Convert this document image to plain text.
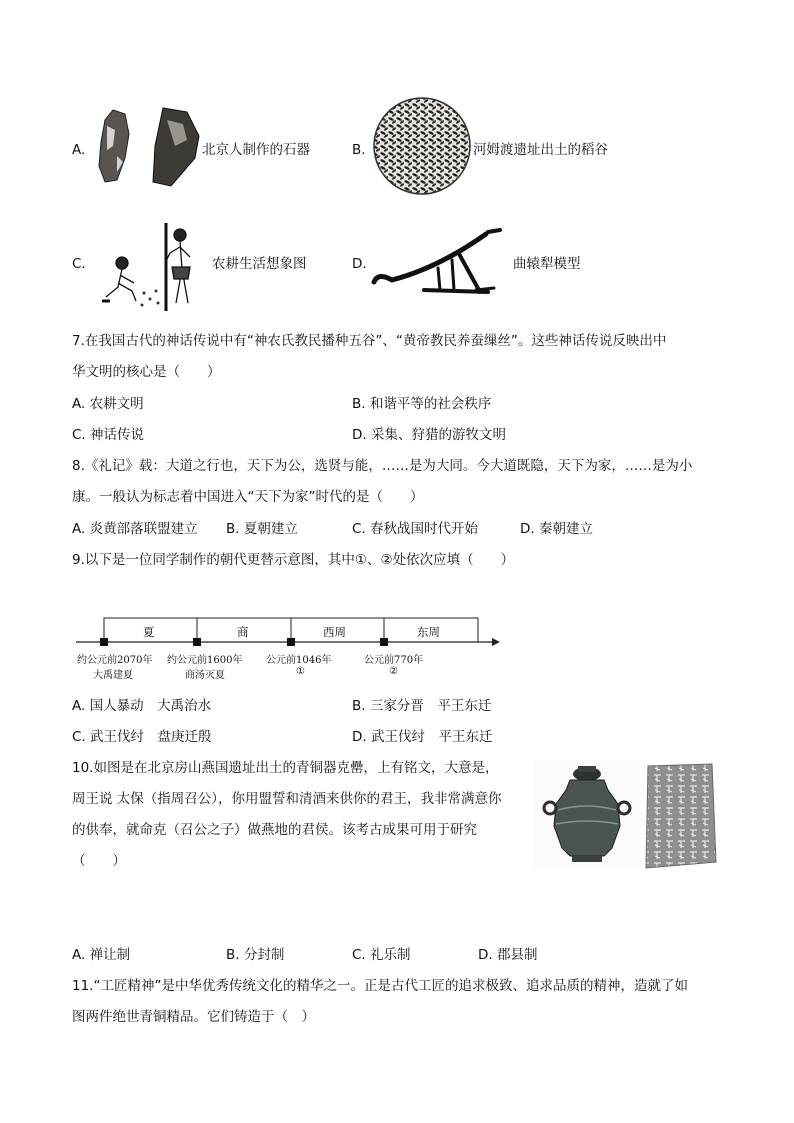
A.	北京人制作的石器	B.	河姆渡遗址出土的稻谷
C.	农耕生活想象图	D.	曲辕犁模型
7.在我国古代的神话传说中有“神农氏教民播种五谷”、“黄帝教民养蚕缫丝”。这些神话传说反映出中
华文明的核心是（　　）
A. 农耕文明	B. 和谐平等的社会秩序
C. 神话传说	D. 采集、狩猎的游牧文明
8.《礼记》载：大道之行也，天下为公，选贤与能，……是为大同。今大道既隐，天下为家，……是为小
康。一般认为标志着中国进入“天下为家”时代的是（　　）
A. 炎黄部落联盟建立 B. 夏朝建立	C. 春秋战国时代开始	D. 秦朝建立
9.以下是一位同学制作的朝代更替示意图，其中①、②处依次应填（　　）
夏	商	西周	东周
约公元前2070年
大禹建夏
约公元前1600年
商汤灭夏
公元前1046年
①
公元前770年
②
A. 国人暴动　大禹治水	B. 三家分晋　平王东迁
C. 武王伐纣　盘庚迁殷	D. 武王伐纣　平王东迁
10.如图是在北京房山燕国遗址出土的青铜器克罍，上有铭文，大意是，
周王说 太保（指周召公），你用盟誓和清酒来供你的君王，我非常满意你
的供奉，就命克（召公之子）做燕地的君侯。该考古成果可用于研究
（　　）
A. 禅让制	B. 分封制	C. 礼乐制	D. 郡县制
11.“工匠精神”是中华优秀传统文化的精华之一。正是古代工匠的追求极致、追求品质的精神，造就了如
图两件绝世青铜精品。它们铸造于（　）
